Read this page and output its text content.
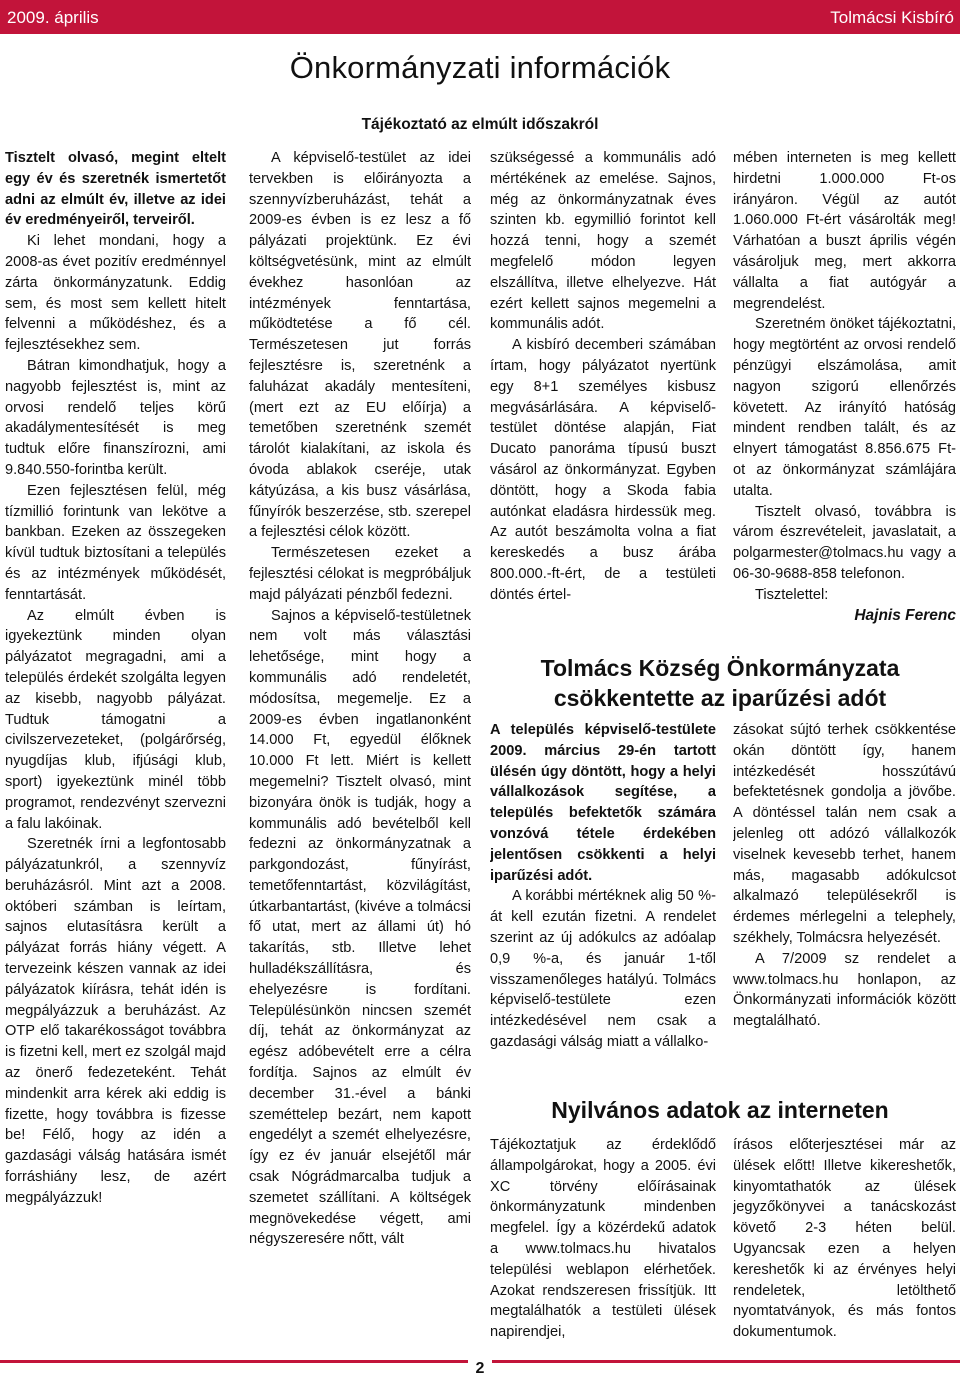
2009. április	Tolmácsi Kisbíró
Önkormányzati információk
Tájékoztató az elmúlt időszakról

Tisztelt olvasó, megint eltelt egy év és szeretnék ismertetőt adni az elmúlt év, illetve az idei év eredményeiről, terveiről.

Ki lehet mondani, hogy a 2008-as évet pozitív eredménnyel zárta önkormányzatunk. Eddig sem, és most sem kellett hitelt felvenni a működéshez, és a fejlesztésekhez sem.

Bátran kimondhatjuk, hogy a nagyobb fejlesztést is, mint az orvosi rendelő teljes körű akadálymentesítését is meg tudtuk előre finanszírozni, ami 9.840.550-forintba került.

Ezen fejlesztésen felül, még tízmillió forintunk van lekötve a bankban. Ezeken az összegeken kívül tudtuk biztosítani a település és az intézmények működését, fenntartását.

Az elmúlt évben is igyekeztünk minden olyan pályázatot megragadni, ami a település érdekét szolgálta legyen az kisebb, nagyobb pályázat. Tudtuk támogatni a civilszervezeteket, (polgárőrség, nyugdíjas klub, ifjúsági klub, sport) igyekeztünk minél több programot, rendezvényt szervezni a falu lakóinak.

Szeretnék írni a legfontosabb pályázatunkról, a szennyvíz beruházásról. Mint azt a 2008. októberi számban is leírtam, sajnos elutasításra került a pályázat forrás hiány végett. A tervezeink készen vannak az idei pályázatok kiírásra, tehát idén is megpályázzuk a beruházást. Az OTP elő takarékosságot továbbra is fizetni kell, mert ez szolgál majd az önerő fedezeteként. Tehát mindenkit arra kérek aki eddig is fizette, hogy továbbra is fizesse be! Félő, hogy az idén a gazdasági válság hatására ismét forráshiány lesz, de azért megpályázzuk!

A képviselő-testület az idei tervekben is előirányozta a szennyvízberuházást, tehát a 2009-es évben is ez lesz a fő pályázati projektünk. Ez évi költségvetésünk, mint az elmúlt évekhez hasonlóan az intézmények fenntartása, működtetése a fő cél. Természetesen jut forrás fejlesztésre is, szeretnénk a faluházat akadály mentesíteni, (mert ezt az EU előírja) a temetőben szeretnénk szemét tárolót kialakítani, az iskola és óvoda ablakok cseréje, utak kátyúzása, a kis busz vásárlása, fűnyírók beszerzése, stb. szerepel a fejlesztési célok között.

Természetesen ezeket a fejlesztési célokat is megpróbáljuk majd pályázati pénzből fedezni.

Sajnos a képviselő-testületnek nem volt más választási lehetősége, mint hogy a kommunális adó rendeletét, módosítsa, megemelje. Ez a 2009-es évben ingatlanonként 14.000 Ft, egyedül élőknek 10.000 Ft lett. Miért is kellett megemelni? Tisztelt olvasó, mint bizonyára önök is tudják, hogy a kommunális adó bevételből kell fedezni az önkormányzatnak a parkgondozást, fűnyírást, temetőfenntartást, közvilágítást, útkarbantartást, (kivéve a tolmácsi fő utat, mert az állami út) hó takarítás, stb. Illetve lehet hulladékszállításra, és ehelyezésre is fordítani. Településünkön nincsen szemét díj, tehát az önkormányzat az egész adóbevételt erre a célra fordítja. Sajnos az elmúlt év december 31.-ével a bánki szeméttelep bezárt, nem kapott engedélyt a szemét elhelyezésre, így ez év január elsejétől már csak Nógrádmarcalba tudjuk a szemetet szállítani. A költségek megnövekedése végett, ami négyszeresére nőtt, vált

szükségessé a kommunális adó mértékének az emelése. Sajnos, még az önkormányzatnak éves szinten kb. egymillió forintot kell hozzá tenni, hogy a szemét megfelelő módon legyen elszállítva, illetve elhelyezve. Hát ezért kellett sajnos megemelni a kommunális adót.

A kisbíró decemberi számában írtam, hogy pályázatot nyertünk egy 8+1 személyes kisbusz megvásárlására. A képviselő-testület döntése alapján, Fiat Ducato panoráma típusú buszt vásárol az önkormányzat. Egyben döntött, hogy a Skoda fabia autónkat eladásra hirdessük meg. Az autót beszámolta volna a fiat kereskedés a busz árába 800.000.-ft-ért, de a testületi döntés értel-

mében interneten is meg kellett hirdetni 1.000.000 Ft-os irányáron. Végül az autót 1.060.000 Ft-ért vásárolták meg! Várhatóan a buszt április végén vásároljuk meg, mert akkorra vállalta a fiat autógyár a megrendelést.

Szeretném önöket tájékoztatni, hogy megtörtént az orvosi rendelő pénzügyi elszámolása, amit nagyon szigorú ellenőrzés követett. Az irányító hatóság mindent rendben talált, és az elnyert támogatást 8.856.675 Ft-ot az önkormányzat számlájára utalta.

Tisztelt olvasó, továbbra is várom észrevételeit, javaslatait, a polgarmester@tolmacs.hu vagy a 06-30-9688-858 telefonon.

Tisztelettel:

Hajnis Ferenc

Tolmács Község Önkormányzata csökkentette az iparűzési adót

A település képviselő-testülete 2009. március 29-én tartott ülésén úgy döntött, hogy a helyi vállalkozások segítése, a település befektetők számára vonzóvá tétele érdekében jelentősen csökkenti a helyi iparűzési adót.

A korábbi mértéknek alig 50 %-át kell ezután fizetni. A rendelet szerint az új adókulcs az adóalap 0,9 %-a, és január 1-től visszamenőleges hatályú. Tolmács képviselő-testülete ezen intézkedésével nem csak a gazdasági válság miatt a vállalko-

zásokat sújtó terhek csökkentése okán döntött így, hanem intézkedését hosszútávú befektetésnek gondolja a jövőbe. A döntéssel talán nem csak a jelenleg ott adózó vállalkozók viselnek kevesebb terhet, hanem más, magasabb adókulcsot alkalmazó településekről is érdemes mérlegelni a telephely, székhely, Tolmácsra helyezését.

A 7/2009 sz rendelet a www.tolmacs.hu honlapon, az Önkormányzati információk között megtalálható.

Nyilvános adatok az interneten

Tájékoztatjuk az érdeklődő állampolgárokat, hogy a 2005. évi XC törvény előírásainak önkormányzatunk mindenben megfelel. Így a közérdekű adatok a www.tolmacs.hu hivatalos települési weblapon elérhetőek. Azokat rendszeresen frissítjük. Itt megtalálhatók a testületi ülések napirendjei,

írásos előterjesztései már az ülések előtt! Illetve kikereshetők, kinyomtathatók az ülések jegyzőkönyvei a tanácskozást követő 2-3 héten belül. Ugyancsak ezen a helyen kereshetők ki az érvényes helyi rendeletek, letölthető nyomtatványok, és más fontos dokumentumok.

2
